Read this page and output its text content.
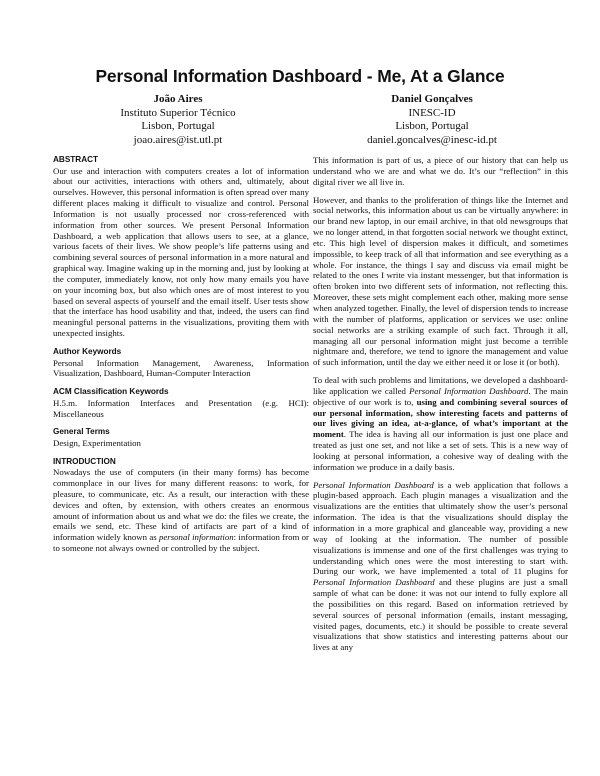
Personal Information Dashboard - Me, At a Glance
João Aires
Instituto Superior Técnico
Lisbon, Portugal
joao.aires@ist.utl.pt
Daniel Gonçalves
INESC-ID
Lisbon, Portugal
daniel.goncalves@inesc-id.pt
ABSTRACT

Our use and interaction with computers creates a lot of information about our activities, interactions with others and, ultimately, about ourselves. However, this personal information is often spread over many different places making it difficult to visualize and control. Personal Information is not usually processed nor cross-referenced with information from other sources. We present Personal Information Dashboard, a web application that allows users to see, at a glance, various facets of their lives. We show people’s life patterns using and combining several sources of personal information in a more natural and graphical way. Imagine waking up in the morning and, just by looking at the computer, immediately know, not only how many emails you have on your incoming box, but also which ones are of most interest to you based on several aspects of yourself and the email itself. User tests show that the interface has hood usability and that, indeed, the users can find meaningful personal patterns in the visualizations, proviting them with unexpected insights.

Author Keywords

Personal Information Management, Awareness, Information Visualization, Dashboard, Human-Computer Interaction

ACM Classification Keywords

H.5.m. Information Interfaces and Presentation (e.g. HCI): Miscellaneous

General Terms

Design, Experimentation

INTRODUCTION

Nowadays the use of computers (in their many forms) has become commonplace in our lives for many different reasons: to work, for pleasure, to communicate, etc. As a result, our interaction with these devices and often, by extension, with others creates an enormous amount of information about us and what we do: the files we create, the emails we send, etc. These kind of artifacts are part of a kind of information widely known as personal information: information from or to someone not always owned or controlled by the subject.

This information is part of us, a piece of our history that can help us understand who we are and what we do. It’s our “reflection” in this digital river we all live in.

However, and thanks to the proliferation of things like the Internet and social networks, this information about us can be virtually anywhere: in our brand new laptop, in our email archive, in that old newsgroups that we no longer attend, in that forgotten social network we thought extinct, etc. This high level of dispersion makes it difficult, and sometimes impossible, to keep track of all that information and see everything as a whole. For instance, the things I say and discuss via email might be related to the ones I write via instant messenger, but that information is often broken into two different sets of information, not reflecting this. Moreover, these sets might complement each other, making more sense when analyzed together. Finally, the level of dispersion tends to increase with the number of platforms, application or services we use: online social networks are a striking example of such fact. Through it all, managing all our personal information might just become a terrible nightmare and, therefore, we tend to ignore the management and value of such information, until the day we either need it or lose it (or both).

To deal with such problems and limitations, we developed a dashboard-like application we called Personal Information Dashboard. The main objective of our work is to, using and combining several sources of our personal information, show interesting facets and patterns of our lives giving an idea, at-a-glance, of what’s important at the moment. The idea is having all our information is just one place and treated as just one set, and not like a set of sets. This is a new way of looking at personal information, a cohesive way of dealing with the information we produce in a daily basis.

Personal Information Dashboard is a web application that follows a plugin-based approach. Each plugin manages a visualization and the visualizations are the entities that ultimately show the user’s personal information. The idea is that the visualizations should display the information in a more graphical and glanceable way, providing a new way of looking at the information. The number of possible visualizations is immense and one of the first challenges was trying to understanding which ones were the most interesting to start with. During our work, we have implemented a total of 11 plugins for Personal Information Dashboard and these plugins are just a small sample of what can be done: it was not our intend to fully explore all the possibilities on this regard. Based on information retrieved by several sources of personal information (emails, instant messaging, visited pages, documents, etc.) it should be possible to create several visualizations that show statistics and interesting patterns about our lives at any
